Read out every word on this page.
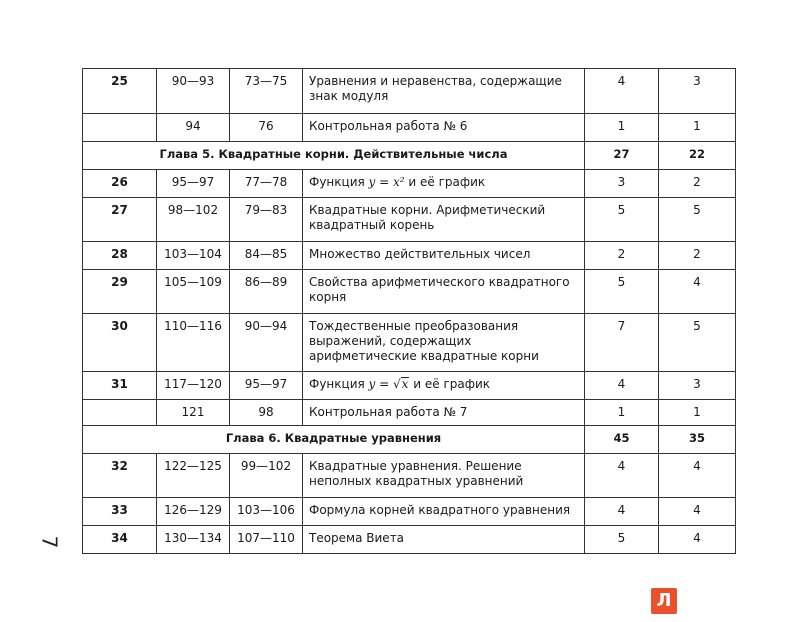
25	90—93	73—75	Уравнения и неравенства, содержащие знак модуля	4	3
	94	76	Контрольная работа № 6	1	1
Глава 5. Квадратные корни. Действительные числа				27	22
26	95—97	77—78	Функция y = x² и её график	3	2
27	98—102	79—83	Квадратные корни. Арифметический квадратный корень	5	5
28	103—104	84—85	Множество действительных чисел	2	2
29	105—109	86—89	Свойства арифметического квадратного корня	5	4
30	110—116	90—94	Тождественные преобразования выражений, содержащих арифметические квадратные корни	7	5
31	117—120	95—97	Функция y = √x и её график	4	3
	121	98	Контрольная работа № 7	1	1
Глава 6. Квадратные уравнения				45	35
32	122—125	99—102	Квадратные уравнения. Решение неполных квадратных уравнений	4	4
33	126—129	103—106	Формула корней квадратного уравнения	4	4
34	130—134	107—110	Теорема Виета	5	4
7
Л
